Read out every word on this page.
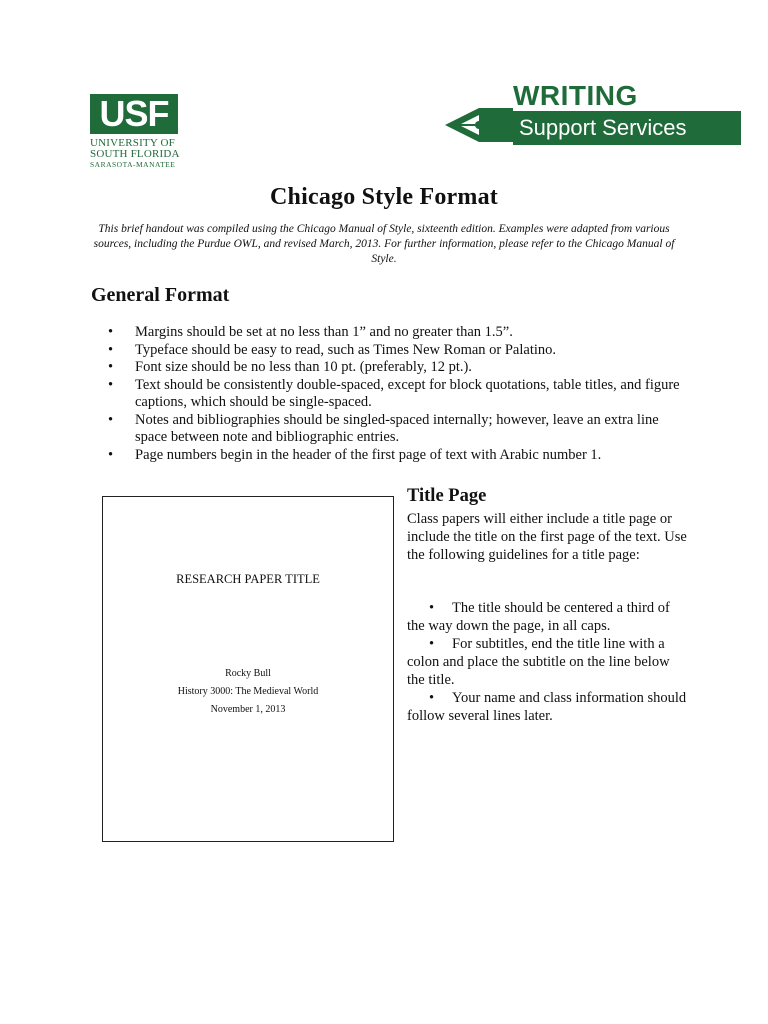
USF
UNIVERSITY OF
SOUTH FLORIDA
SARASOTA-MANATEE
WRITING
Support Services
Chicago Style Format
This brief handout was compiled using the Chicago Manual of Style, sixteenth edition. Examples were adapted from various sources, including the Purdue OWL, and revised March, 2013. For further information, please refer to the Chicago Manual of Style.
General Format
• Margins should be set at no less than 1” and no greater than 1.5”.
• Typeface should be easy to read, such as Times New Roman or Palatino.
• Font size should be no less than 10 pt. (preferably, 12 pt.).
• Text should be consistently double-spaced, except for block quotations, table titles, and figure captions, which should be single-spaced.
• Notes and bibliographies should be singled-spaced internally; however, leave an extra line space between note and bibliographic entries.
• Page numbers begin in the header of the first page of text with Arabic number 1.
RESEARCH PAPER TITLE
Rocky Bull
History 3000: The Medieval World
November 1, 2013
Title Page
Class papers will either include a title page or include the title on the first page of the text. Use the following guidelines for a title page:
• The title should be centered a third of the way down the page, in all caps.
• For subtitles, end the title line with a colon and place the subtitle on the line below the title.
• Your name and class information should follow several lines later.
